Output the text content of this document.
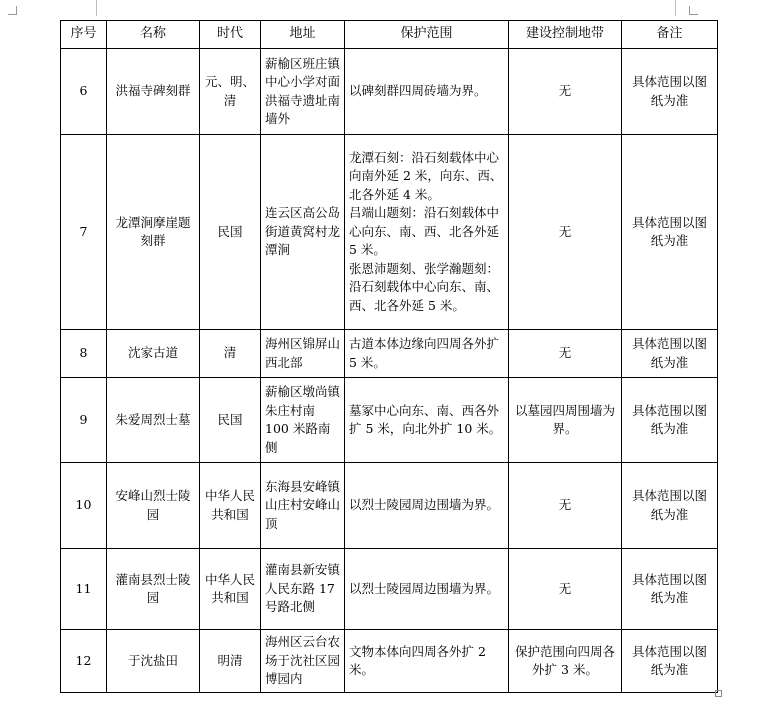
序号	名称	时代	地址	保护范围	建设控制地带	备注
6	洪福寺碑刻群	元、明、清	薪榆区班庄镇中心小学对面洪福寺遗址南墙外	以碑刻群四周砖墙为界。	无	具体范围以图纸为准
7	龙潭涧摩崖题刻群	民国	连云区高公岛街道黄窝村龙潭涧	龙潭石刻：沿石刻载体中心向南外延 2 米，向东、西、北各外延 4 米。
吕端山题刻：沿石刻载体中心向东、南、西、北各外延 5 米。
张恩沛题刻、张学瀚题刻：沿石刻载体中心向东、南、西、北各外延 5 米。	无	具体范围以图纸为准
8	沈家古道	清	海州区锦屏山西北部	古道本体边缘向四周各外扩 5 米。	无	具体范围以图纸为准
9	朱爱周烈士墓	民国	薪榆区墩尚镇朱庄村南 100 米路南侧	墓冢中心向东、南、西各外扩 5 米，向北外扩 10 米。	以墓园四周围墙为界。	具体范围以图纸为准
10	安峰山烈士陵园	中华人民共和国	东海县安峰镇山庄村安峰山顶	以烈士陵园周边围墙为界。	无	具体范围以图纸为准
11	灌南县烈士陵园	中华人民共和国	灌南县新安镇人民东路 17 号路北侧	以烈士陵园周边围墙为界。	无	具体范围以图纸为准
12	于沈盐田	明清	海州区云台农场于沈社区园博园内	文物本体向四周各外扩 2 米。	保护范围向四周各外扩 3 米。	具体范围以图纸为准
